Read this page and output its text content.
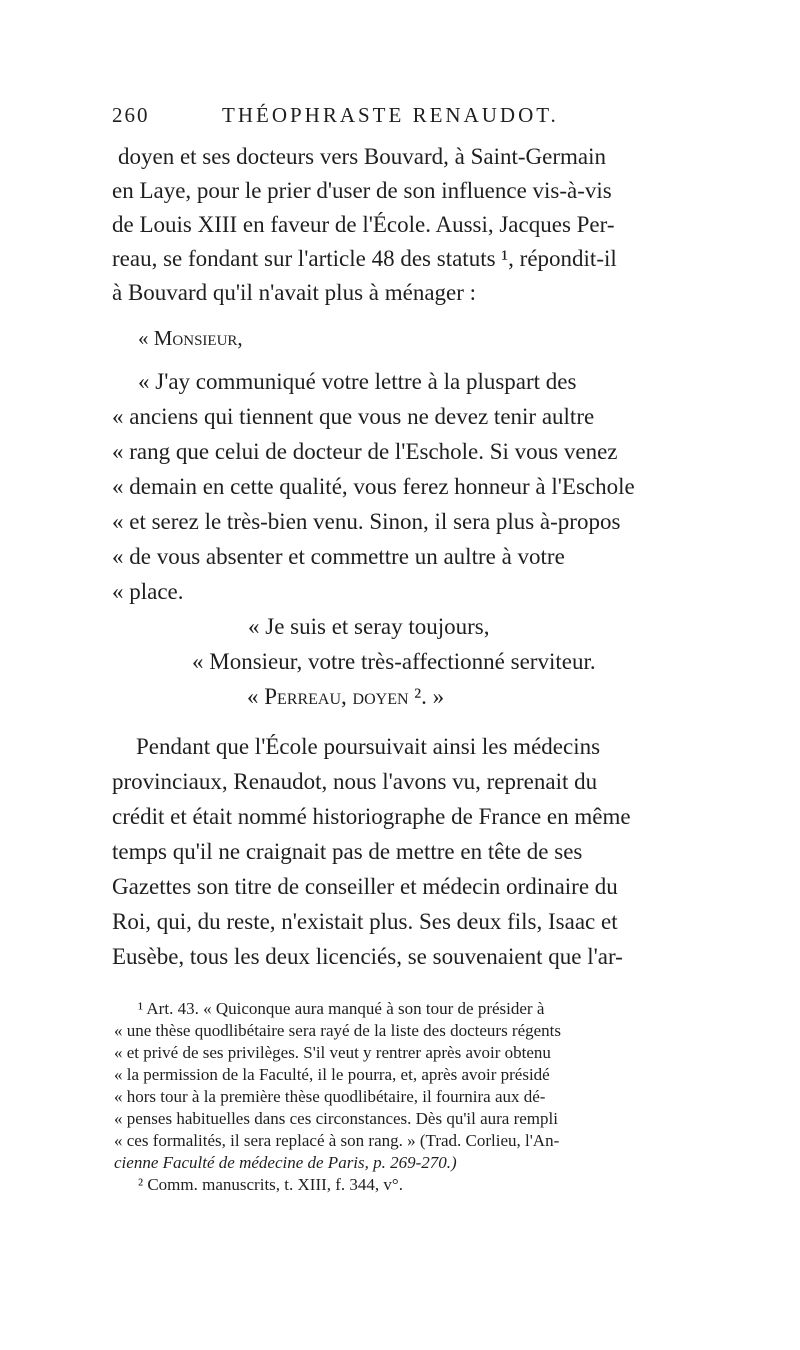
260	THÉOPHRASTE RENAUDOT.
doyen et ses docteurs vers Bouvard, à Saint-Germain
en Laye, pour le prier d'user de son influence vis-à-vis
de Louis XIII en faveur de l'École. Aussi, Jacques Per-
reau, se fondant sur l'article 48 des statuts ¹, répondit-il
à Bouvard qu'il n'avait plus à ménager :
« Monsieur,
« J'ay communiqué votre lettre à la pluspart des
« anciens qui tiennent que vous ne devez tenir aultre
« rang que celui de docteur de l'Eschole. Si vous venez
« demain en cette qualité, vous ferez honneur à l'Eschole
« et serez le très-bien venu. Sinon, il sera plus à-propos
« de vous absenter et commettre un aultre à votre
« place.
« Je suis et seray toujours,
« Monsieur, votre très-affectionné serviteur.
« Perreau, doyen ². »
Pendant que l'École poursuivait ainsi les médecins
provinciaux, Renaudot, nous l'avons vu, reprenait du
crédit et était nommé historiographe de France en même
temps qu'il ne craignait pas de mettre en tête de ses
Gazettes son titre de conseiller et médecin ordinaire du
Roi, qui, du reste, n'existait plus. Ses deux fils, Isaac et
Eusèbe, tous les deux licenciés, se souvenaient que l'ar-
¹ Art. 43. « Quiconque aura manqué à son tour de présider à
« une thèse quodlibétaire sera rayé de la liste des docteurs régents
« et privé de ses privilèges. S'il veut y rentrer après avoir obtenu
« la permission de la Faculté, il le pourra, et, après avoir présidé
« hors tour à la première thèse quodlibétaire, il fournira aux dé-
« penses habituelles dans ces circonstances. Dès qu'il aura rempli
« ces formalités, il sera replacé à son rang. » (Trad. Corlieu, l'An-
cienne Faculté de médecine de Paris, p. 269-270.)
² Comm. manuscrits, t. XIII, f. 344, v°.
